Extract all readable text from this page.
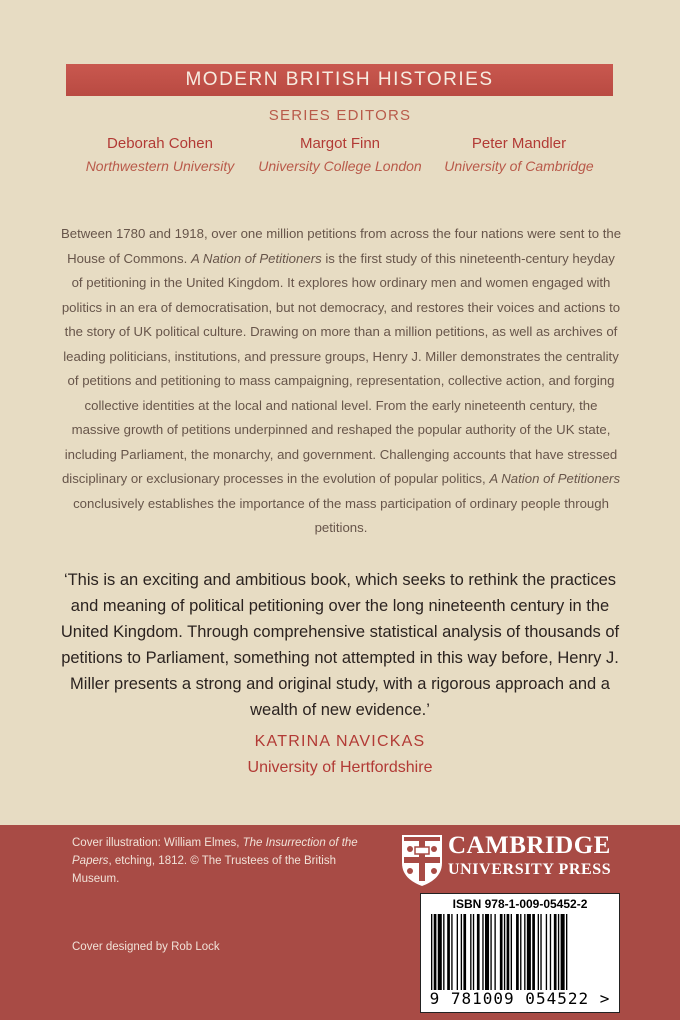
MODERN BRITISH HISTORIES
SERIES EDITORS
Deborah Cohen
Northwestern University
Margot Finn
University College London
Peter Mandler
University of Cambridge
Between 1780 and 1918, over one million petitions from across the four nations were sent to the House of Commons. A Nation of Petitioners is the first study of this nineteenth-century heyday of petitioning in the United Kingdom. It explores how ordinary men and women engaged with politics in an era of democratisation, but not democracy, and restores their voices and actions to the story of UK political culture. Drawing on more than a million petitions, as well as archives of leading politicians, institutions, and pressure groups, Henry J. Miller demonstrates the centrality of petitions and petitioning to mass campaigning, representation, collective action, and forging collective identities at the local and national level. From the early nineteenth century, the massive growth of petitions underpinned and reshaped the popular authority of the UK state, including Parliament, the monarchy, and government. Challenging accounts that have stressed disciplinary or exclusionary processes in the evolution of popular politics, A Nation of Petitioners conclusively establishes the importance of the mass participation of ordinary people through petitions.
‘This is an exciting and ambitious book, which seeks to rethink the practices and meaning of political petitioning over the long nineteenth century in the United Kingdom. Through comprehensive statistical analysis of thousands of petitions to Parliament, something not attempted in this way before, Henry J. Miller presents a strong and original study, with a rigorous approach and a wealth of new evidence.’
KATRINA NAVICKAS
University of Hertfordshire
Cover illustration: William Elmes, The Insurrection of the Papers, etching, 1812. © The Trustees of the British Museum.
Cover designed by Rob Lock
CAMBRIDGE
UNIVERSITY PRESS
ISBN 978-1-009-05452-2
9 781009 054522 >
